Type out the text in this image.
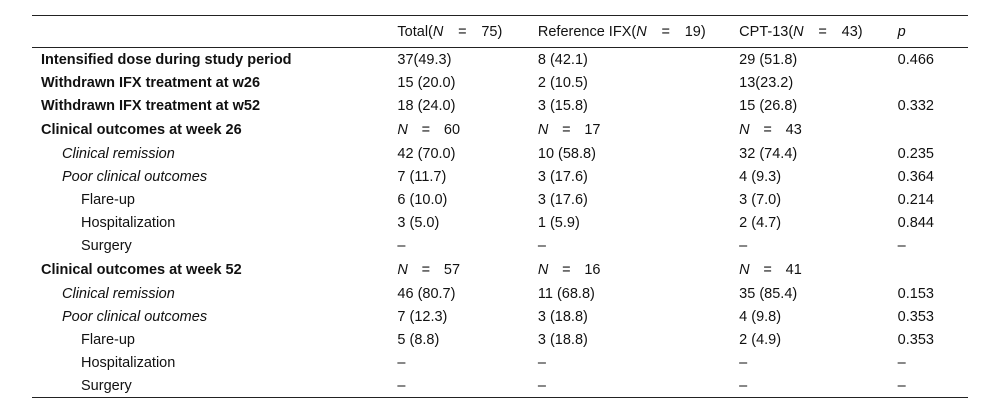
	Total(N = 75)	Reference IFX(N = 19)	CPT-13(N = 43)	p
Intensified dose during study period	37(49.3)	8 (42.1)	29 (51.8)	0.466
Withdrawn IFX treatment at w26	15 (20.0)	2 (10.5)	13(23.2)	
Withdrawn IFX treatment at w52	18 (24.0)	3 (15.8)	15 (26.8)	0.332
Clinical outcomes at week 26	N = 60	N = 17	N = 43	
Clinical remission	42 (70.0)	10 (58.8)	32 (74.4)	0.235
Poor clinical outcomes	7 (11.7)	3 (17.6)	4 (9.3)	0.364
Flare-up	6 (10.0)	3 (17.6)	3 (7.0)	0.214
Hospitalization	3 (5.0)	1 (5.9)	2 (4.7)	0.844
Surgery	–	–	–	–
Clinical outcomes at week 52	N = 57	N = 16	N = 41	
Clinical remission	46 (80.7)	11 (68.8)	35 (85.4)	0.153
Poor clinical outcomes	7 (12.3)	3 (18.8)	4 (9.8)	0.353
Flare-up	5 (8.8)	3 (18.8)	2 (4.9)	0.353
Hospitalization	–	–	–	–
Surgery	–	–	–	–
